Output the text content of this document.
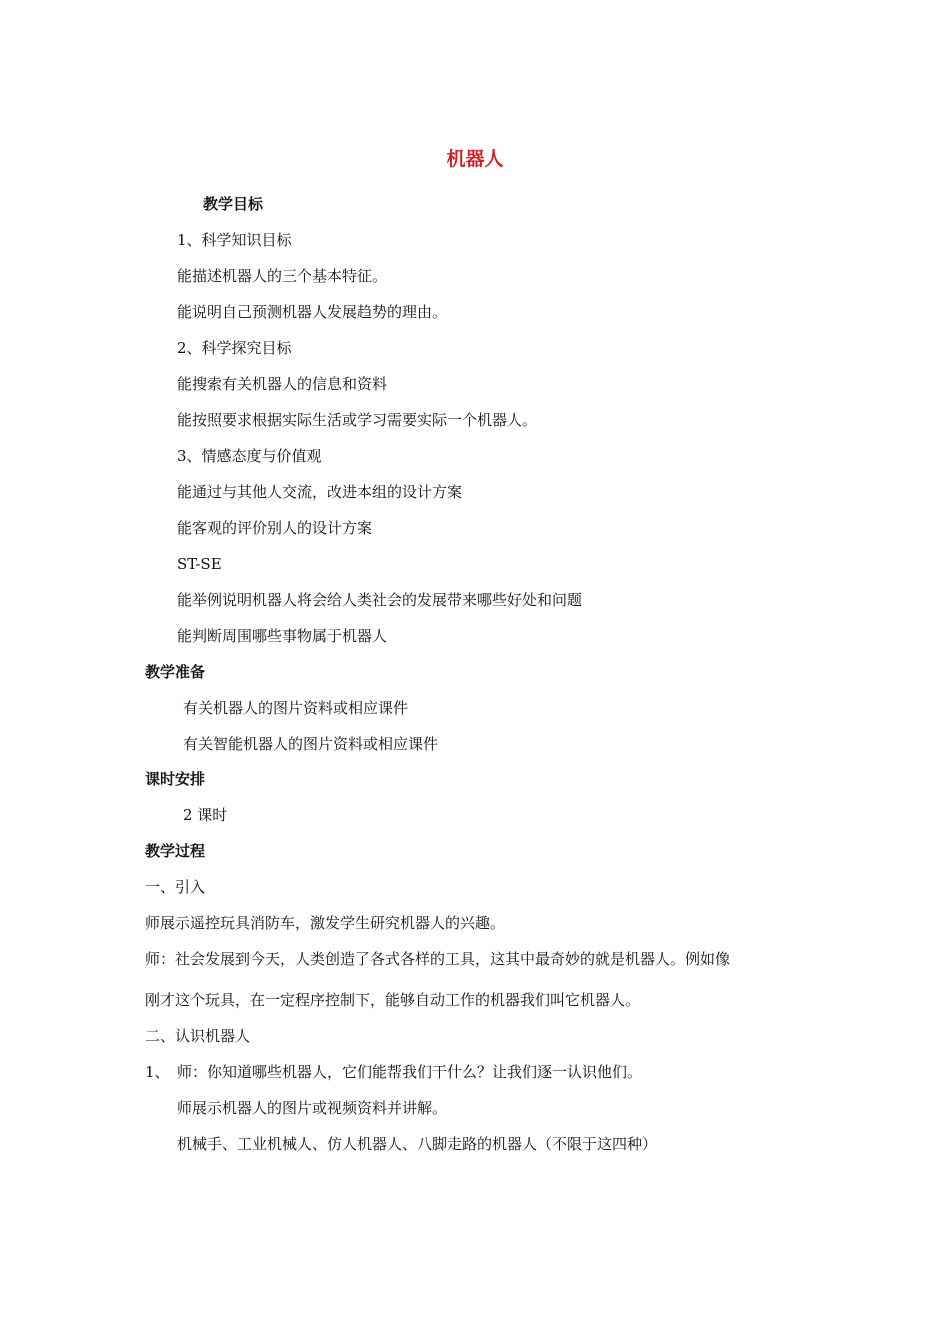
机器人
教学目标
1、科学知识目标
能描述机器人的三个基本特征。
能说明自己预测机器人发展趋势的理由。
2、科学探究目标
能搜索有关机器人的信息和资料
能按照要求根据实际生活或学习需要实际一个机器人。
3、情感态度与价值观
能通过与其他人交流，改进本组的设计方案
能客观的评价别人的设计方案
ST-SE
能举例说明机器人将会给人类社会的发展带来哪些好处和问题
能判断周围哪些事物属于机器人
教学准备
有关机器人的图片资料或相应课件
有关智能机器人的图片资料或相应课件
课时安排
2 课时
教学过程
一、引入
师展示遥控玩具消防车，激发学生研究机器人的兴趣。
师：社会发展到今天，人类创造了各式各样的工具，这其中最奇妙的就是机器人。例如像
刚才这个玩具，在一定程序控制下，能够自动工作的机器我们叫它机器人。
二、认识机器人
1、 师：你知道哪些机器人，它们能帮我们干什么？让我们逐一认识他们。
师展示机器人的图片或视频资料并讲解。
机械手、工业机械人、仿人机器人、八脚走路的机器人（不限于这四种）
